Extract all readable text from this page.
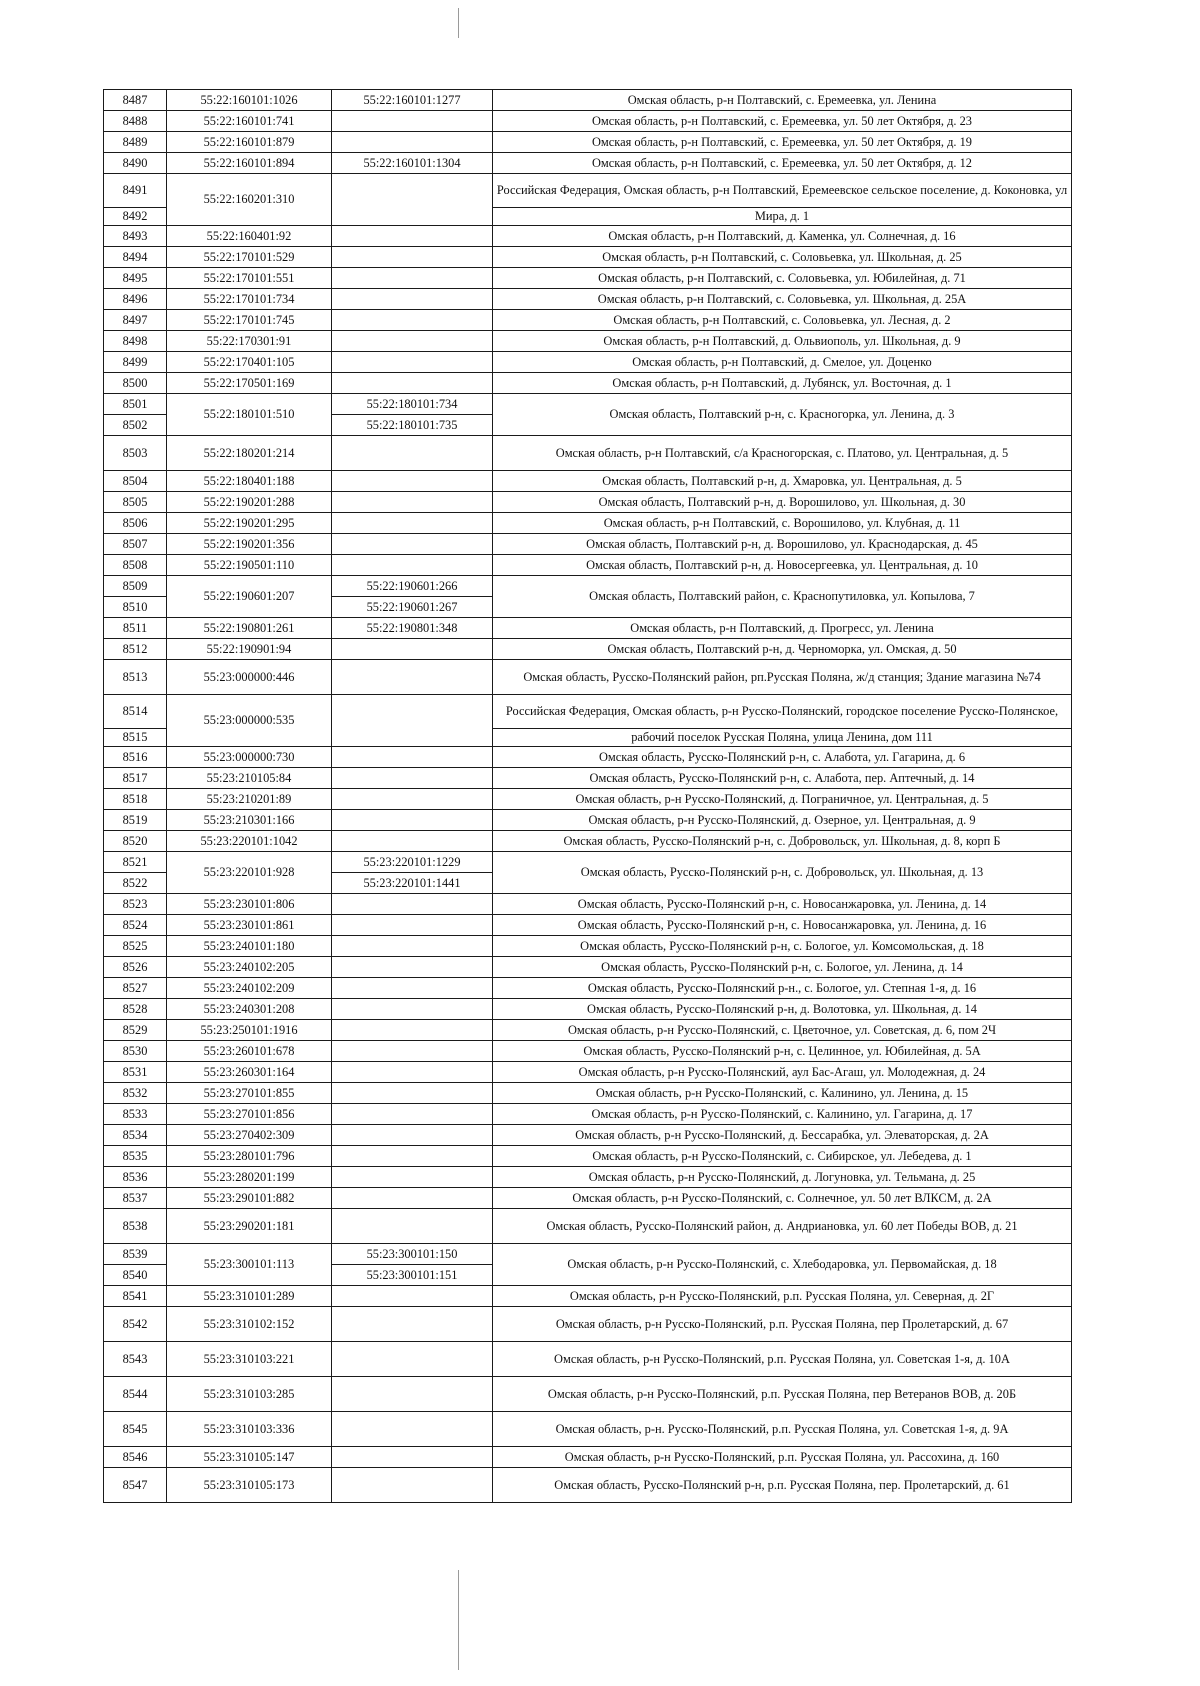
8487	55:22:160101:1026	55:22:160101:1277	Омская область, р-н Полтавский, с. Еремеевка, ул. Ленина
8488	55:22:160101:741		Омская область, р-н Полтавский, с. Еремеевка, ул. 50 лет Октября, д. 23
8489	55:22:160101:879		Омская область, р-н Полтавский, с. Еремеевка, ул. 50 лет Октября, д. 19
8490	55:22:160101:894	55:22:160101:1304	Омская область, р-н Полтавский, с. Еремеевка, ул. 50 лет Октября, д. 12
8491	55:22:160201:310		Российская Федерация, Омская область, р-н Полтавский, Еремеевское сельское поселение, д. Коконовка, ул
8492			Мира, д. 1
8493	55:22:160401:92		Омская область, р-н Полтавский, д. Каменка, ул. Солнечная, д. 16
8494	55:22:170101:529		Омская область, р-н Полтавский, с. Соловьевка, ул. Школьная, д. 25
8495	55:22:170101:551		Омская область, р-н Полтавский, с. Соловьевка, ул. Юбилейная, д. 71
8496	55:22:170101:734		Омская область, р-н Полтавский, с. Соловьевка, ул. Школьная, д. 25А
8497	55:22:170101:745		Омская область, р-н Полтавский, с. Соловьевка, ул. Лесная, д. 2
8498	55:22:170301:91		Омская область, р-н Полтавский, д. Ольвиополь, ул. Школьная, д. 9
8499	55:22:170401:105		Омская область, р-н Полтавский, д. Смелое, ул. Доценко
8500	55:22:170501:169		Омская область, р-н Полтавский, д. Лубянск, ул. Восточная, д. 1
8501	55:22:180101:510	55:22:180101:734	Омская область, Полтавский р-н, с. Красногорка, ул. Ленина, д. 3
8502		55:22:180101:735	
8503	55:22:180201:214		Омская область, р-н Полтавский, с/а Красногорская, с. Платово, ул. Центральная, д. 5
8504	55:22:180401:188		Омская область, Полтавский р-н, д. Хмаровка, ул. Центральная, д. 5
8505	55:22:190201:288		Омская область, Полтавский р-н, д. Ворошилово, ул. Школьная, д. 30
8506	55:22:190201:295		Омская область, р-н Полтавский, с. Ворошилово, ул. Клубная, д. 11
8507	55:22:190201:356		Омская область, Полтавский р-н, д. Ворошилово, ул. Краснодарская, д. 45
8508	55:22:190501:110		Омская область, Полтавский р-н, д. Новосергеевка, ул. Центральная, д. 10
8509	55:22:190601:207	55:22:190601:266	Омская область, Полтавский район, с. Краснопутиловка, ул. Копылова, 7
8510		55:22:190601:267	
8511	55:22:190801:261	55:22:190801:348	Омская область, р-н Полтавский, д. Прогресс, ул. Ленина
8512	55:22:190901:94		Омская область, Полтавский р-н, д. Черноморка, ул. Омская, д. 50
8513	55:23:000000:446		Омская область, Русско-Полянский район, рп.Русская Поляна, ж/д станция; Здание магазина №74
8514	55:23:000000:535		Российская Федерация, Омская область, р-н Русско-Полянский, городское поселение Русско-Полянское,
8515			рабочий поселок Русская Поляна, улица Ленина, дом 111
8516	55:23:000000:730		Омская область, Русско-Полянский р-н, с. Алабота, ул. Гагарина, д. 6
8517	55:23:210105:84		Омская область, Русско-Полянский р-н, с. Алабота, пер. Аптечный, д. 14
8518	55:23:210201:89		Омская область, р-н Русско-Полянский, д. Пограничное, ул. Центральная, д. 5
8519	55:23:210301:166		Омская область, р-н Русско-Полянский, д. Озерное, ул. Центральная, д. 9
8520	55:23:220101:1042		Омская область, Русско-Полянский р-н, с. Добровольск, ул. Школьная, д. 8, корп Б
8521	55:23:220101:928	55:23:220101:1229	Омская область, Русско-Полянский р-н, с. Добровольск, ул. Школьная, д. 13
8522		55:23:220101:1441	
8523	55:23:230101:806		Омская область, Русско-Полянский р-н, с. Новосанжаровка, ул. Ленина, д. 14
8524	55:23:230101:861		Омская область, Русско-Полянский р-н, с. Новосанжаровка, ул. Ленина, д. 16
8525	55:23:240101:180		Омская область, Русско-Полянский р-н, с. Бологое, ул. Комсомольская, д. 18
8526	55:23:240102:205		Омская область, Русско-Полянский р-н, с. Бологое, ул. Ленина, д. 14
8527	55:23:240102:209		Омская область, Русско-Полянский р-н., с. Бологое, ул. Степная 1-я, д. 16
8528	55:23:240301:208		Омская область, Русско-Полянский р-н, д. Волотовка, ул. Школьная, д. 14
8529	55:23:250101:1916		Омская область, р-н Русско-Полянский, с. Цветочное, ул. Советская, д. 6, пом 2Ч
8530	55:23:260101:678		Омская область, Русско-Полянский р-н, с. Целинное, ул. Юбилейная, д. 5А
8531	55:23:260301:164		Омская область, р-н Русско-Полянский, аул Бас-Агаш, ул. Молодежная, д. 24
8532	55:23:270101:855		Омская область, р-н Русско-Полянский, с. Калинино, ул. Ленина, д. 15
8533	55:23:270101:856		Омская область, р-н Русско-Полянский, с. Калинино, ул. Гагарина, д. 17
8534	55:23:270402:309		Омская область, р-н Русско-Полянский, д. Бессарабка, ул. Элеваторская, д. 2А
8535	55:23:280101:796		Омская область, р-н Русско-Полянский, с. Сибирское, ул. Лебедева, д. 1
8536	55:23:280201:199		Омская область, р-н Русско-Полянский, д. Логуновка, ул. Тельмана, д. 25
8537	55:23:290101:882		Омская область, р-н Русско-Полянский, с. Солнечное, ул. 50 лет ВЛКСМ, д. 2А
8538	55:23:290201:181		Омская область, Русско-Полянский район, д. Андриановка, ул. 60 лет Победы ВОВ, д. 21
8539	55:23:300101:113	55:23:300101:150	Омская область, р-н Русско-Полянский, с. Хлебодаровка, ул. Первомайская, д. 18
8540		55:23:300101:151	
8541	55:23:310101:289		Омская область, р-н Русско-Полянский, р.п. Русская Поляна, ул. Северная, д. 2Г
8542	55:23:310102:152		Омская область, р-н Русско-Полянский, р.п. Русская Поляна, пер Пролетарский, д. 67
8543	55:23:310103:221		Омская область, р-н Русско-Полянский, р.п. Русская Поляна, ул. Советская 1-я, д. 10А
8544	55:23:310103:285		Омская область, р-н Русско-Полянский, р.п. Русская Поляна, пер Ветеранов ВОВ, д. 20Б
8545	55:23:310103:336		Омская область, р-н. Русско-Полянский, р.п. Русская Поляна, ул. Советская 1-я, д. 9А
8546	55:23:310105:147		Омская область, р-н Русско-Полянский, р.п. Русская Поляна, ул. Рассохина, д. 160
8547	55:23:310105:173		Омская область, Русско-Полянский р-н, р.п. Русская Поляна, пер. Пролетарский, д. 61
